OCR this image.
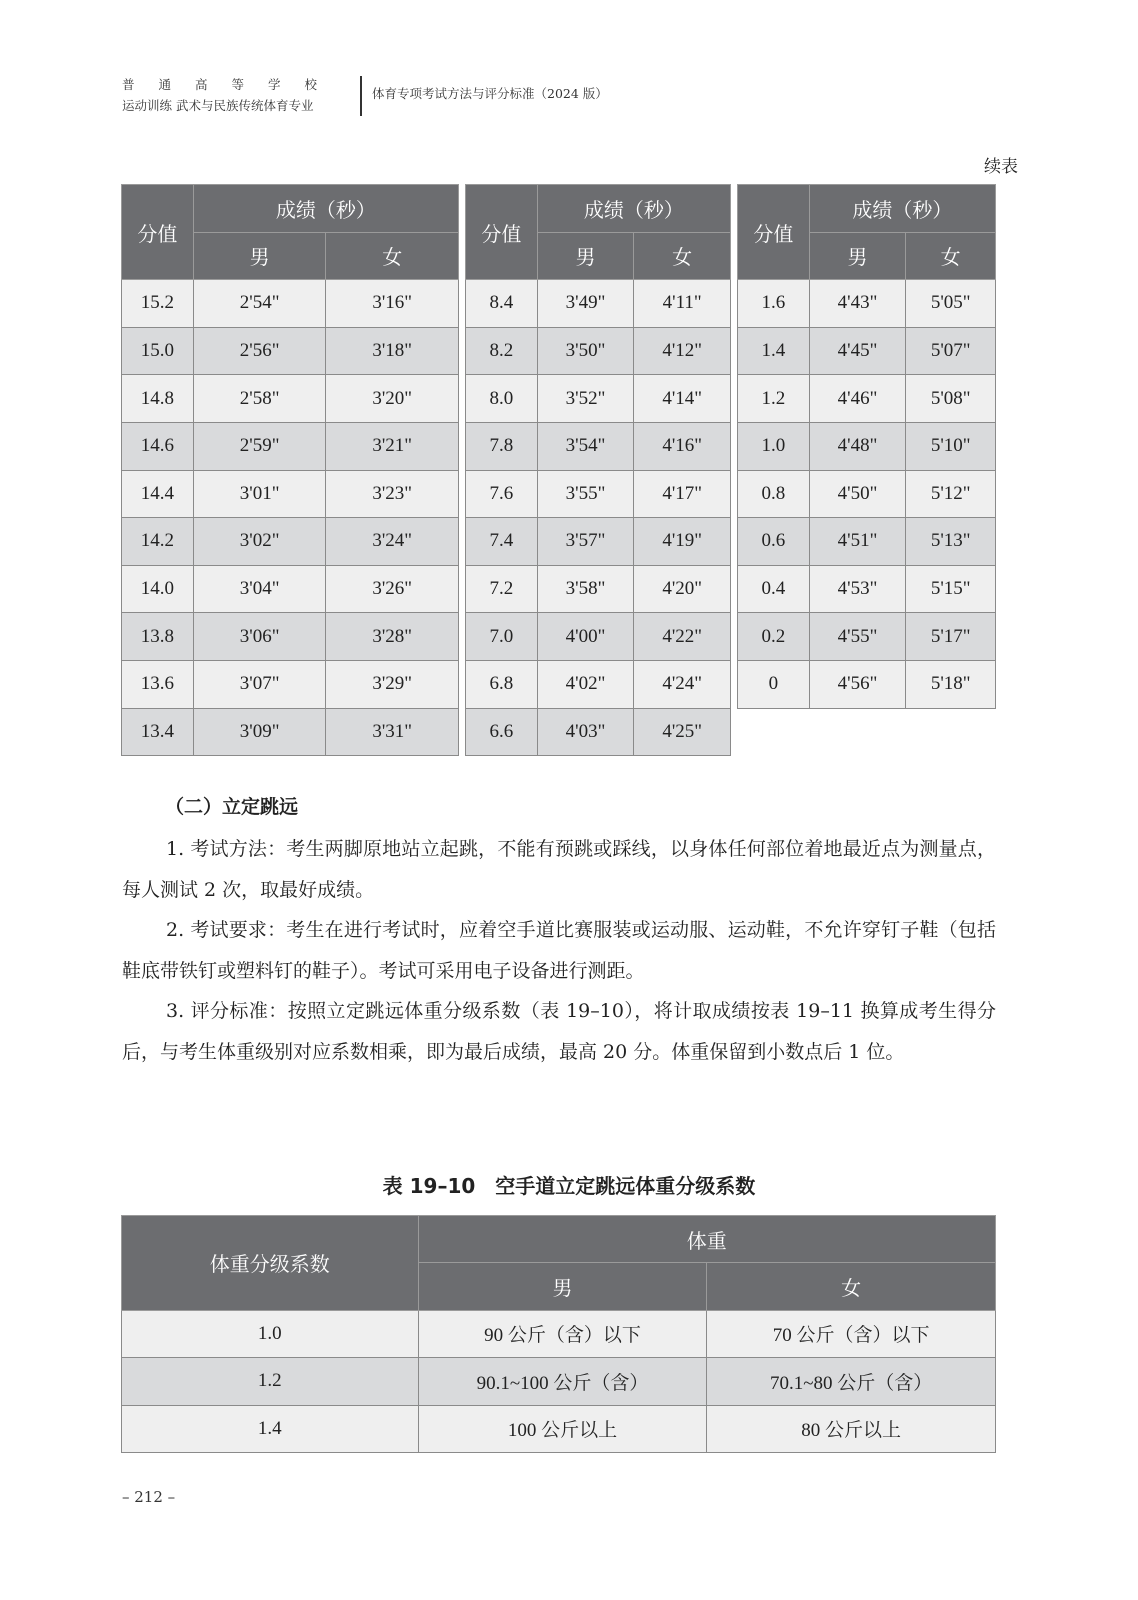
普通高等学校
运动训练 武术与民族传统体育专业
体育专项考试方法与评分标准（2024 版）
续表
分值	成绩（秒）	
	男	女
15.2	2'54"	3'16"
15.0	2'56"	3'18"
14.8	2'58"	3'20"
14.6	2'59"	3'21"
14.4	3'01"	3'23"
14.2	3'02"	3'24"
14.0	3'04"	3'26"
13.8	3'06"	3'28"
13.6	3'07"	3'29"
13.4	3'09"	3'31"
分值	成绩（秒）	
	男	女
8.4	3'49"	4'11"
8.2	3'50"	4'12"
8.0	3'52"	4'14"
7.8	3'54"	4'16"
7.6	3'55"	4'17"
7.4	3'57"	4'19"
7.2	3'58"	4'20"
7.0	4'00"	4'22"
6.8	4'02"	4'24"
6.6	4'03"	4'25"
分值	成绩（秒）	
	男	女
1.6	4'43"	5'05"
1.4	4'45"	5'07"
1.2	4'46"	5'08"
1.0	4'48"	5'10"
0.8	4'50"	5'12"
0.6	4'51"	5'13"
0.4	4'53"	5'15"
0.2	4'55"	5'17"
0	4'56"	5'18"
（二）立定跳远

1. 考试方法：考生两脚原地站立起跳，不能有预跳或踩线，以身体任何部位着地最近点为测量点，每人测试 2 次，取最好成绩。

2. 考试要求：考生在进行考试时，应着空手道比赛服装或运动服、运动鞋，不允许穿钉子鞋（包括鞋底带铁钉或塑料钉的鞋子）。考试可采用电子设备进行测距。

3. 评分标准：按照立定跳远体重分级系数（表 19–10），将计取成绩按表 19–11 换算成考生得分后，与考生体重级别对应系数相乘，即为最后成绩，最高 20 分。体重保留到小数点后 1 位。

表 19–10　空手道立定跳远体重分级系数
体重分级系数	体重	
	男	女
1.0	90 公斤（含）以下	70 公斤（含）以下
1.2	90.1~100 公斤（含）	70.1~80 公斤（含）
1.4	100 公斤以上	80 公斤以上
– 212 –
